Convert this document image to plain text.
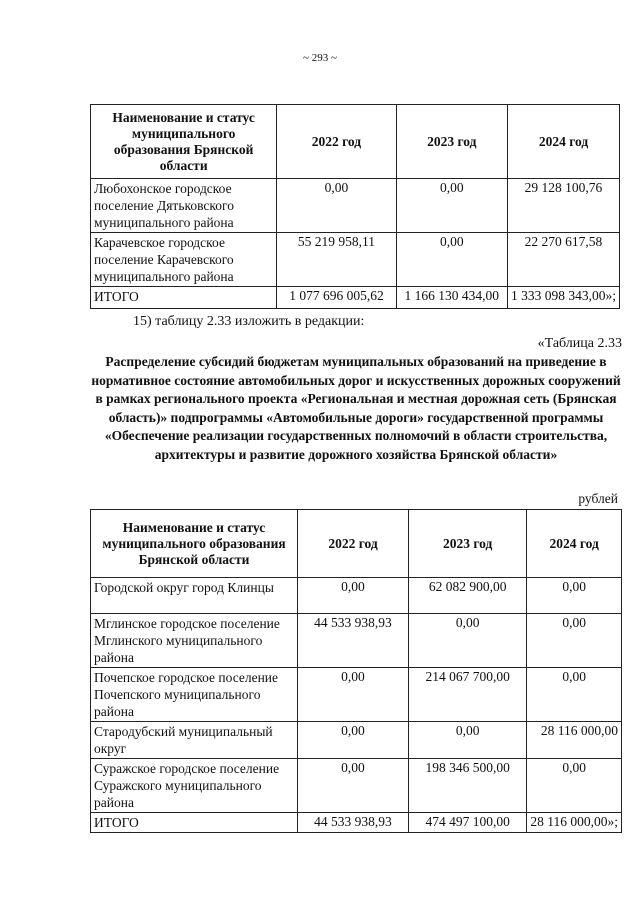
~ 293 ~
Наименование и статус муниципального образования Брянской области	2022 год	2023 год	2024 год
Любохонское городское поселение Дятьковского муниципального района	0,00	0,00	29 128 100,76
Карачевское городское поселение Карачевского муниципального района	55 219 958,11	0,00	22 270 617,58
ИТОГО	1 077 696 005,62	1 166 130 434,00	1 333 098 343,00»;
15) таблицу 2.33 изложить в редакции:
«Таблица 2.33
Распределение субсидий бюджетам муниципальных образований на приведение в нормативное состояние автомобильных дорог и искусственных дорожных сооружений в рамках регионального проекта «Региональная и местная дорожная сеть (Брянская область)» подпрограммы «Автомобильные дороги» государственной программы «Обеспечение реализации государственных полномочий в области строительства, архитектуры и развитие дорожного хозяйства Брянской области»
рублей
Наименование и статус муниципального образования Брянской области	2022 год	2023 год	2024 год
Городской округ город Клинцы	0,00	62 082 900,00	0,00
Мглинское городское поселение Мглинского муниципального района	44 533 938,93	0,00	0,00
Почепское городское поселение Почепского муниципального района	0,00	214 067 700,00	0,00
Стародубский муниципальный округ	0,00	0,00	28 116 000,00
Суражское городское поселение Суражского муниципального района	0,00	198 346 500,00	0,00
ИТОГО	44 533 938,93	474 497 100,00	28 116 000,00»;
